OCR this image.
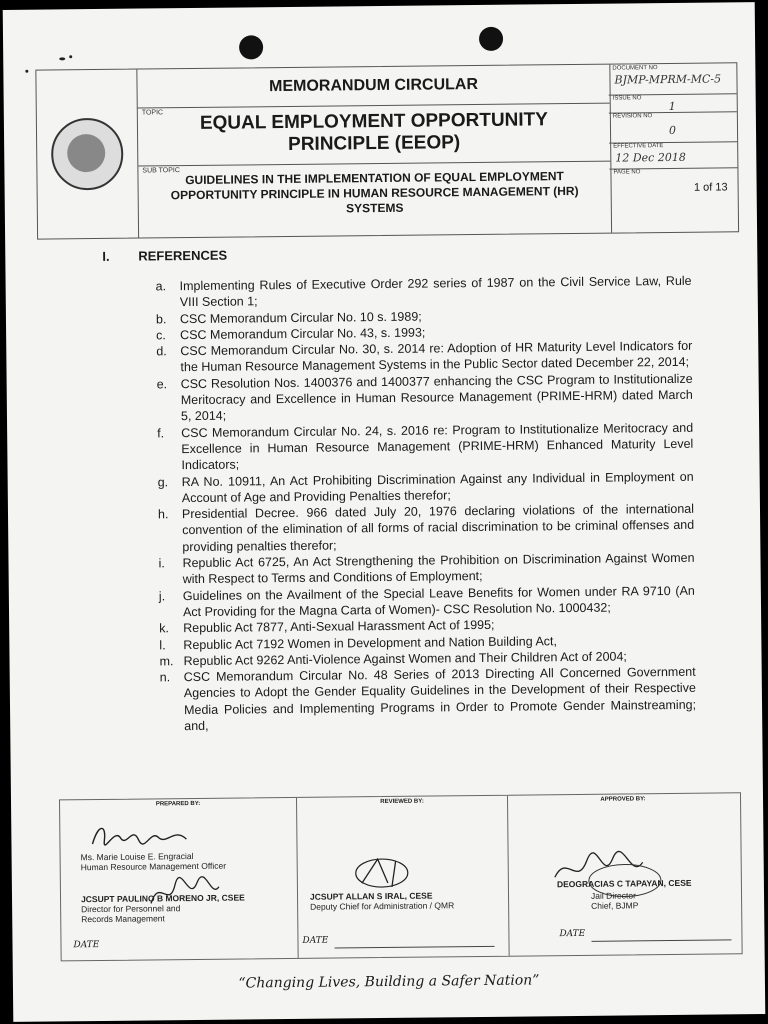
MEMORANDUM CIRCULAR
TOPIC	EQUAL EMPLOYMENT OPPORTUNITY PRINCIPLE (EEOP)
SUB TOPIC GUIDELINES IN THE IMPLEMENTATION OF EQUAL EMPLOYMENT OPPORTUNITY PRINCIPLE IN HUMAN RESOURCE MANAGEMENT (HR) SYSTEMS
DOCUMENT NO
BJMP-MPRM-MC-5
ISSUE NO
1
REVISION NO
0
EFFECTIVE DATE
12 Dec 2018
PAGE NO
1 of 13
I. REFERENCES
a. Implementing Rules of Executive Order 292 series of 1987 on the Civil Service Law, Rule VIII Section 1;
b. CSC Memorandum Circular No. 10 s. 1989;
c. CSC Memorandum Circular No. 43, s. 1993;
d. CSC Memorandum Circular No. 30, s. 2014 re: Adoption of HR Maturity Level Indicators for the Human Resource Management Systems in the Public Sector dated December 22, 2014;
e. CSC Resolution Nos. 1400376 and 1400377 enhancing the CSC Program to Institutionalize Meritocracy and Excellence in Human Resource Management (PRIME-HRM) dated March 5, 2014;
f. CSC Memorandum Circular No. 24, s. 2016 re: Program to Institutionalize Meritocracy and Excellence in Human Resource Management (PRIME-HRM) Enhanced Maturity Level Indicators;
g. RA No. 10911, An Act Prohibiting Discrimination Against any Individual in Employment on Account of Age and Providing Penalties therefor;
h. Presidential Decree. 966 dated July 20, 1976 declaring violations of the international convention of the elimination of all forms of racial discrimination to be criminal offenses and providing penalties therefor;
i. Republic Act 6725, An Act Strengthening the Prohibition on Discrimination Against Women with Respect to Terms and Conditions of Employment;
j. Guidelines on the Availment of the Special Leave Benefits for Women under RA 9710 (An Act Providing for the Magna Carta of Women)- CSC Resolution No. 1000432;
k. Republic Act 7877, Anti-Sexual Harassment Act of 1995;
l. Republic Act 7192 Women in Development and Nation Building Act,
m. Republic Act 9262 Anti-Violence Against Women and Their Children Act of 2004;
n. CSC Memorandum Circular No. 48 Series of 2013 Directing All Concerned Government Agencies to Adopt the Gender Equality Guidelines in the Development of their Respective Media Policies and Implementing Programs in Order to Promote Gender Mainstreaming; and,
PREPARED BY:
Ms. Marie Louise E. Engracial
Human Resource Management Officer
JCSUPT PAULINO B MORENO JR, CSEE
Director for Personnel and
Records Management
DATE
REVIEWED BY:
JCSUPT ALLAN S IRAL, CESE
Deputy Chief for Administration / QMR
DATE
APPROVED BY:
DEOGRACIAS C TAPAYAN, CESE
Jail Director
Chief, BJMP
DATE
“Changing Lives, Building a Safer Nation”
